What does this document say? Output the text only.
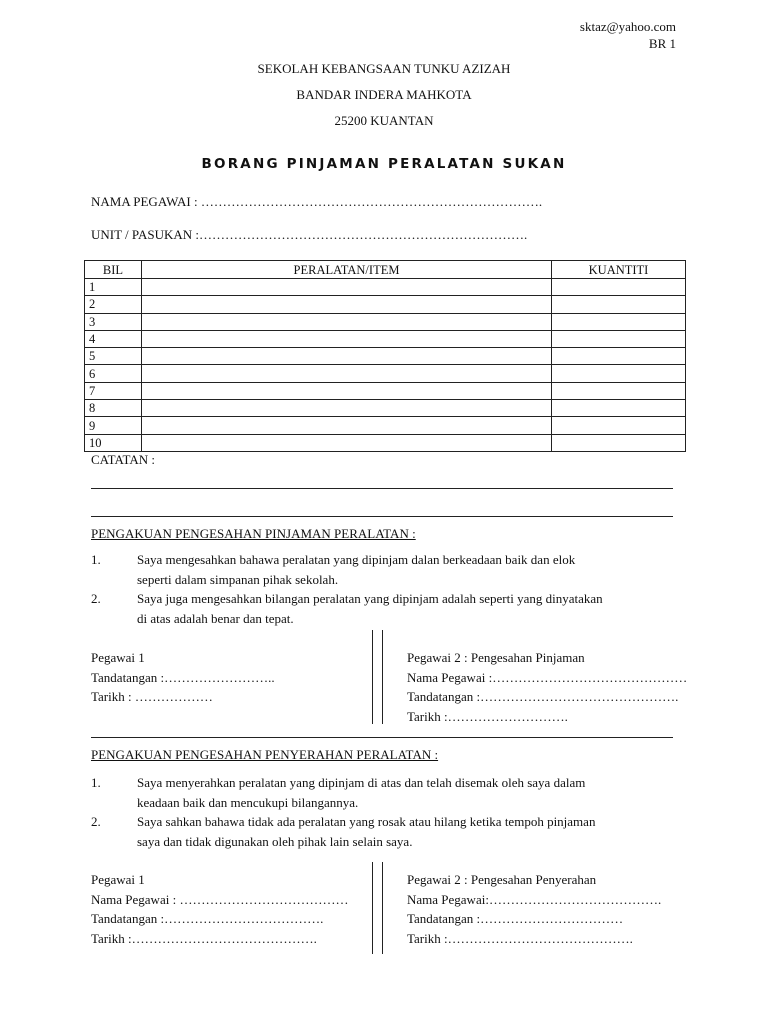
sktaz@yahoo.com
BR 1
SEKOLAH KEBANGSAAN TUNKU AZIZAH
BANDAR INDERA MAHKOTA
25200 KUANTAN
BORANG PINJAMAN PERALATAN SUKAN
NAMA PEGAWAI : …………………………………………………………………….
UNIT / PASUKAN :………………………………………………………………….
BIL	PERALATAN/ITEM	KUANTITI
1		
2		
3		
4		
5		
6		
7		
8		
9		
10		
CATATAN :
PENGAKUAN PENGESAHAN PINJAMAN PERALATAN :
1.	Saya mengesahkan bahawa peralatan yang dipinjam dalan berkeadaan baik dan elok
seperti dalam simpanan pihak sekolah.
2.	Saya juga mengesahkan bilangan peralatan yang dipinjam adalah seperti yang dinyatakan
di atas adalah benar dan tepat.
Pegawai 1
Tandatangan :……………………..
Tarikh : ………………
Pegawai 2 : Pengesahan Pinjaman
Nama Pegawai :………………………………………
Tandatangan :……………………………………….
Tarikh :……………………….
PENGAKUAN PENGESAHAN PENYERAHAN PERALATAN :
1.	Saya menyerahkan peralatan yang dipinjam di atas dan telah disemak oleh saya dalam
keadaan baik dan mencukupi bilangannya.
2.	Saya sahkan bahawa tidak ada peralatan yang rosak atau hilang ketika tempoh pinjaman
saya dan tidak digunakan oleh pihak lain selain saya.
Pegawai 1
Nama Pegawai : …………………………………
Tandatangan :……………………………….
Tarikh :…………………………………….
Pegawai 2 : Pengesahan Penyerahan
Nama Pegawai:………………………………….
Tandatangan :……………………………
Tarikh :…………………………………….
